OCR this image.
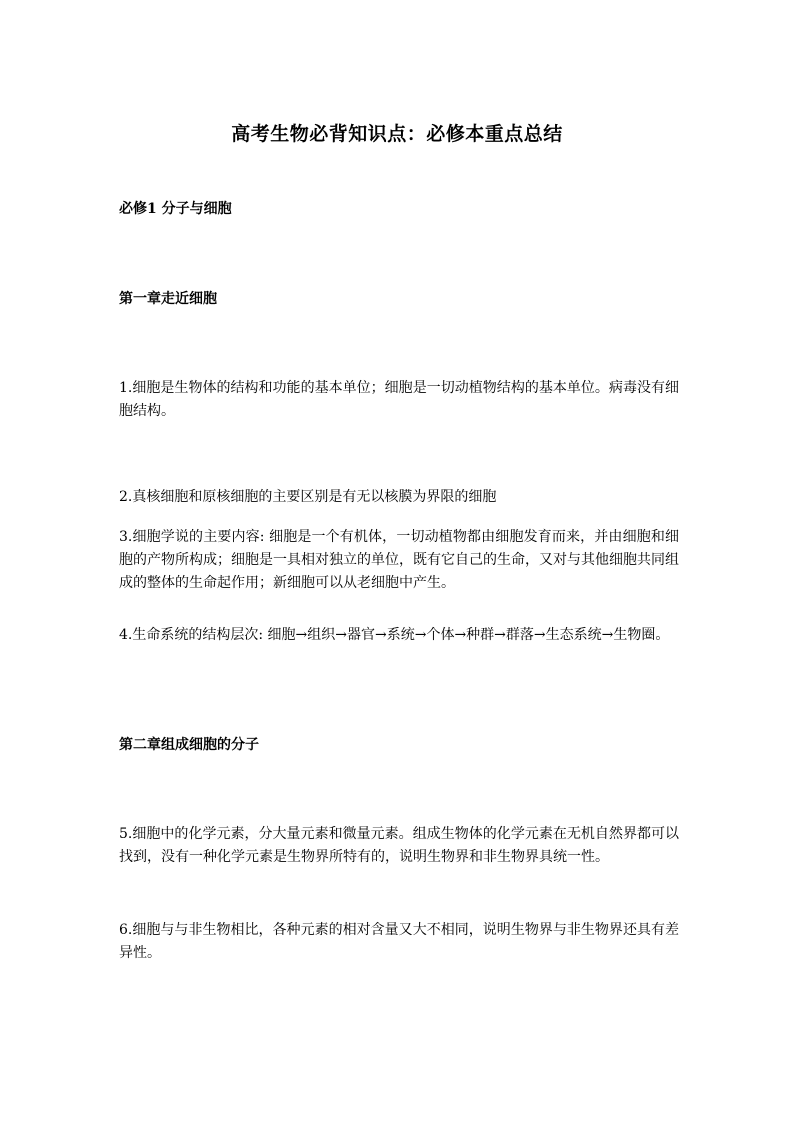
高考生物必背知识点：必修本重点总结
必修1 分子与细胞
第一章走近细胞
1.细胞是生物体的结构和功能的基本单位；细胞是一切动植物结构的基本单位。病毒没有细胞结构。
2.真核细胞和原核细胞的主要区别是有无以核膜为界限的细胞
3.细胞学说的主要内容: 细胞是一个有机体，一切动植物都由细胞发育而来，并由细胞和细胞的产物所构成；细胞是一具相对独立的单位，既有它自己的生命，又对与其他细胞共同组成的整体的生命起作用；新细胞可以从老细胞中产生。
4.生命系统的结构层次: 细胞→组织→器官→系统→个体→种群→群落→生态系统→生物圈。
第二章组成细胞的分子
5.细胞中的化学元素，分大量元素和微量元素。组成生物体的化学元素在无机自然界都可以找到，没有一种化学元素是生物界所特有的，说明生物界和非生物界具统一性。
6.细胞与与非生物相比，各种元素的相对含量又大不相同，说明生物界与非生物界还具有差异性。
